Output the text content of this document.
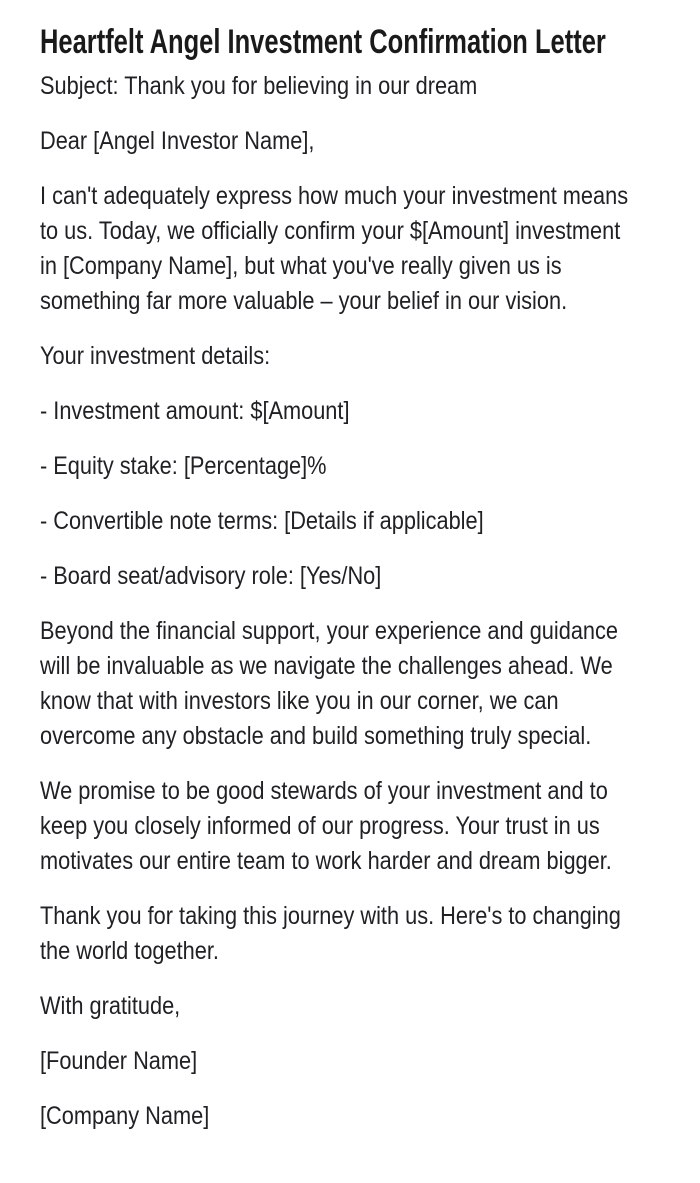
Heartfelt Angel Investment Confirmation Letter
Subject: Thank you for believing in our dream
Dear [Angel Investor Name],
I can't adequately express how much your investment means
to us. Today, we officially confirm your $[Amount] investment
in [Company Name], but what you've really given us is
something far more valuable – your belief in our vision.
Your investment details:
- Investment amount: $[Amount]
- Equity stake: [Percentage]%
- Convertible note terms: [Details if applicable]
- Board seat/advisory role: [Yes/No]
Beyond the financial support, your experience and guidance
will be invaluable as we navigate the challenges ahead. We
know that with investors like you in our corner, we can
overcome any obstacle and build something truly special.
We promise to be good stewards of your investment and to
keep you closely informed of our progress. Your trust in us
motivates our entire team to work harder and dream bigger.
Thank you for taking this journey with us. Here's to changing
the world together.
With gratitude,
[Founder Name]
[Company Name]
